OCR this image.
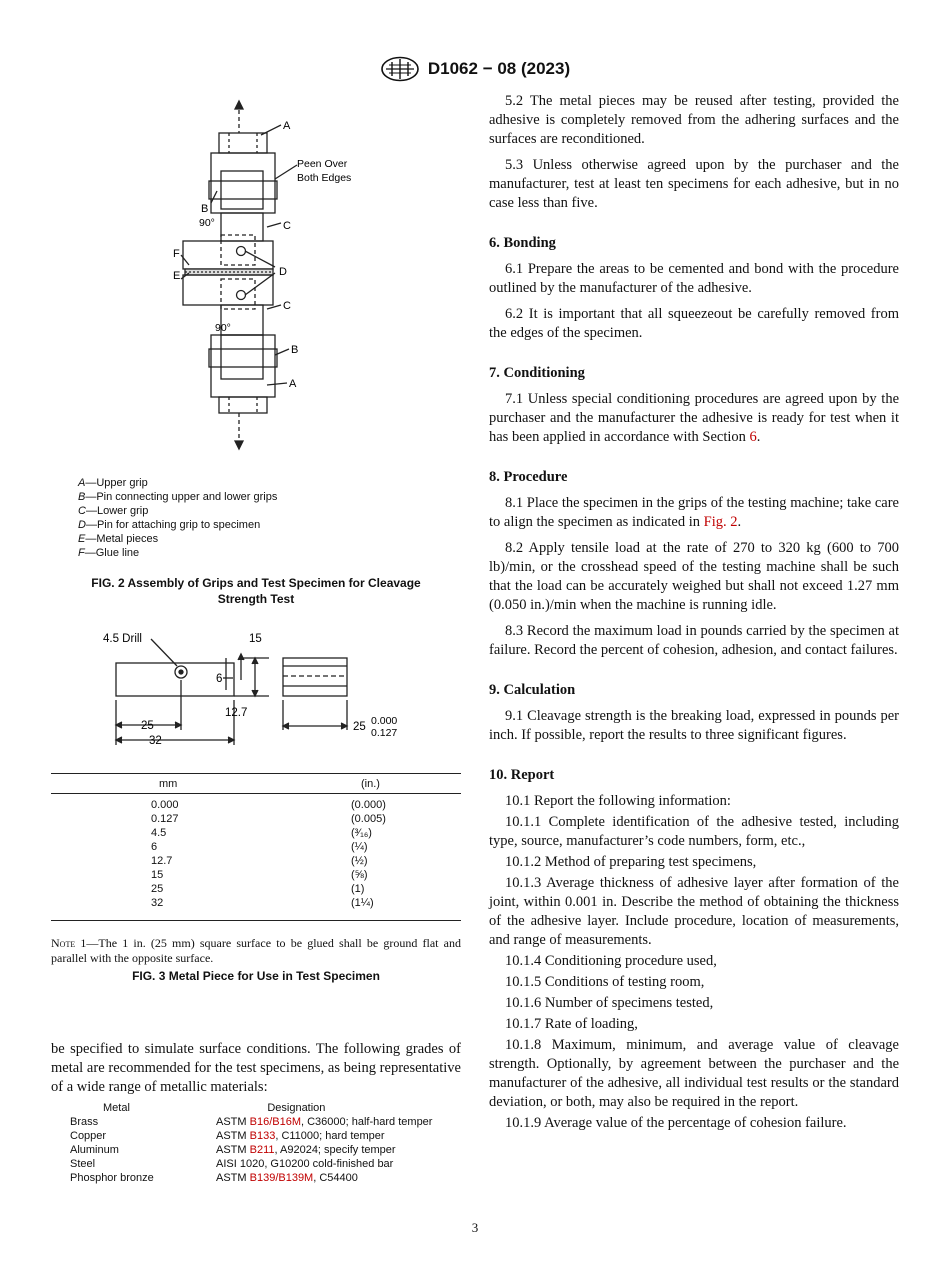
D1062 − 08 (2023)
A
Peen Over
Both Edges
B
90°	C
F
E	D
C
90°
B
A
A—Upper grip
B—Pin connecting upper and lower grips
C—Lower grip
D—Pin for attaching grip to specimen
E—Metal pieces
F—Glue line
FIG. 2 Assembly of Grips and Test Specimen for Cleavage
Strength Test
4.5 Drill	15
6
12.7
25
32
25 0.000
0.127
mm	(in.)
0.000	(0.000)
0.127	(0.005)
4.5	(³⁄₁₆)
6	(¼)
12.7	(½)
15	(⅝)
25	(1)
32	(1¼)
Note 1—The 1 in. (25 mm) square surface to be glued shall be ground flat and parallel with the opposite surface.
FIG. 3 Metal Piece for Use in Test Specimen
be specified to simulate surface conditions. The following grades of metal are recommended for the test specimens, as being representative of a wide range of metallic materials:
Metal	Designation
Brass	ASTM B16/B16M, C36000; half-hard temper
Copper	ASTM B133, C11000; hard temper
Aluminum	ASTM B211, A92024; specify temper
Steel	AISI 1020, G10200 cold-finished bar
Phosphor bronze	ASTM B139/B139M, C54400

5.2 The metal pieces may be reused after testing, provided the adhesive is completely removed from the adhering surfaces and the surfaces are reconditioned.

5.3 Unless otherwise agreed upon by the purchaser and the manufacturer, test at least ten specimens for each adhesive, but in no case less than five.

6. Bonding

6.1 Prepare the areas to be cemented and bond with the procedure outlined by the manufacturer of the adhesive.

6.2 It is important that all squeezeout be carefully removed from the edges of the specimen.

7. Conditioning

7.1 Unless special conditioning procedures are agreed upon by the purchaser and the manufacturer the adhesive is ready for test when it has been applied in accordance with Section 6.

8. Procedure

8.1 Place the specimen in the grips of the testing machine; take care to align the specimen as indicated in Fig. 2.

8.2 Apply tensile load at the rate of 270 to 320 kg (600 to 700 lb)/min, or the crosshead speed of the testing machine shall be such that the load can be accurately weighed but shall not exceed 1.27 mm (0.050 in.)/min when the machine is running idle.

8.3 Record the maximum load in pounds carried by the specimen at failure. Record the percent of cohesion, adhesion, and contact failures.

9. Calculation

9.1 Cleavage strength is the breaking load, expressed in pounds per inch. If possible, report the results to three significant figures.

10. Report

10.1 Report the following information:

10.1.1 Complete identification of the adhesive tested, including type, source, manufacturer’s code numbers, form, etc.,

10.1.2 Method of preparing test specimens,

10.1.3 Average thickness of adhesive layer after formation of the joint, within 0.001 in. Describe the method of obtaining the thickness of the adhesive layer. Include procedure, location of measurements, and range of measurements.

10.1.4 Conditioning procedure used,

10.1.5 Conditions of testing room,

10.1.6 Number of specimens tested,

10.1.7 Rate of loading,

10.1.8 Maximum, minimum, and average value of cleavage strength. Optionally, by agreement between the purchaser and the manufacturer of the adhesive, all individual test results or the standard deviation, or both, may also be required in the report.

10.1.9 Average value of the percentage of cohesion failure.

3
